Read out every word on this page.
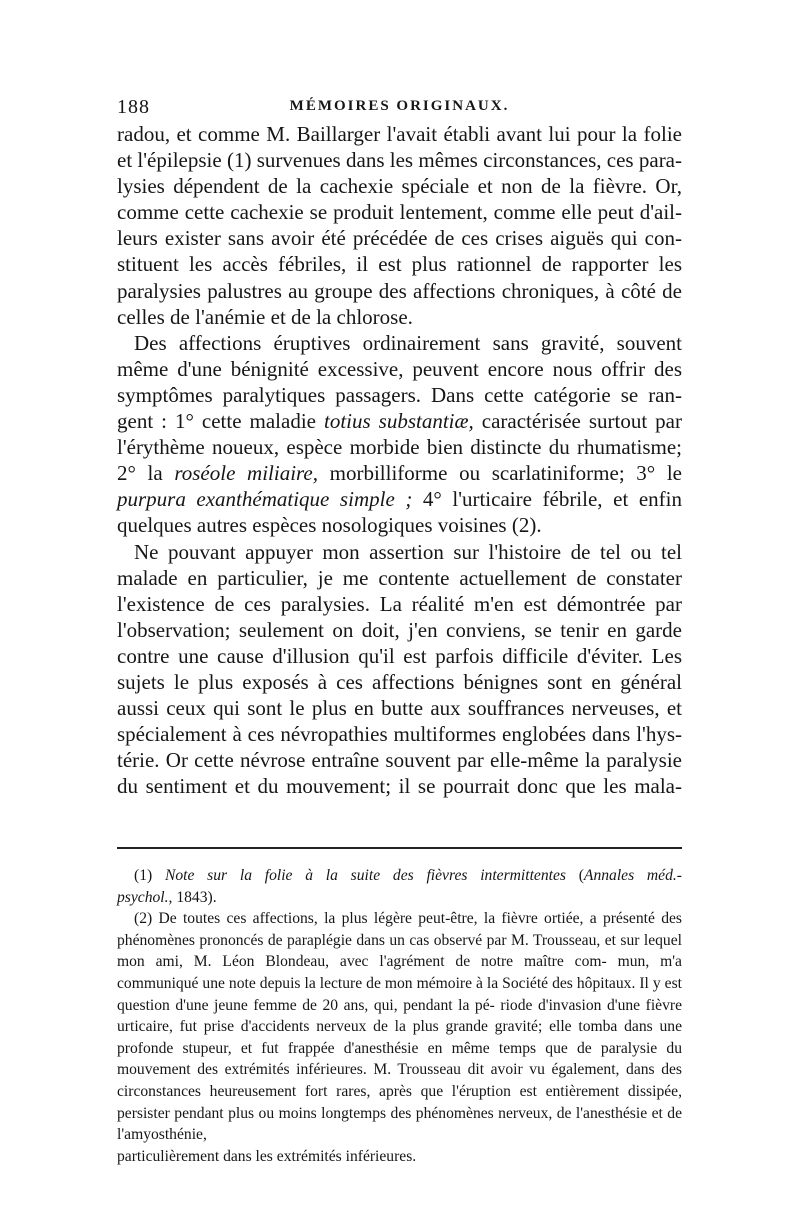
188	MÉMOIRES ORIGINAUX.

radou, et comme M. Baillarger l'avait établi avant lui pour la folie et l'épilepsie (1) survenues dans les mêmes circonstances, ces para- lysies dépendent de la cachexie spéciale et non de la fièvre. Or, comme cette cachexie se produit lentement, comme elle peut d'ail- leurs exister sans avoir été précédée de ces crises aiguës qui con- stituent les accès fébriles, il est plus rationnel de rapporter les paralysies palustres au groupe des affections chroniques, à côté de

celles de l'anémie et de la chlorose.

Des affections éruptives ordinairement sans gravité, souvent même d'une bénignité excessive, peuvent encore nous offrir des symptômes paralytiques passagers. Dans cette catégorie se ran- gent : 1° cette maladie totius substantiæ, caractérisée surtout par l'érythème noueux, espèce morbide bien distincte du rhumatisme; 2° la roséole miliaire, morbilliforme ou scarlatiniforme; 3° le purpura exanthématique simple ; 4° l'urticaire fébrile, et enfin

quelques autres espèces nosologiques voisines (2).

Ne pouvant appuyer mon assertion sur l'histoire de tel ou tel malade en particulier, je me contente actuellement de constater l'existence de ces paralysies. La réalité m'en est démontrée par l'observation; seulement on doit, j'en conviens, se tenir en garde contre une cause d'illusion qu'il est parfois difficile d'éviter. Les sujets le plus exposés à ces affections bénignes sont en général aussi ceux qui sont le plus en butte aux souffrances nerveuses, et spécialement à ces névropathies multiformes englobées dans l'hys- térie. Or cette névrose entraîne souvent par elle-même la paralysie du sentiment et du mouvement; il se pourrait donc que les mala-

(1) Note sur la folie à la suite des fièvres intermittentes (Annales méd.-

psychol., 1843).

(2) De toutes ces affections, la plus légère peut-être, la fièvre ortiée, a présenté des phénomènes prononcés de paraplégie dans un cas observé par M. Trousseau, et sur lequel mon ami, M. Léon Blondeau, avec l'agrément de notre maître com- mun, m'a communiqué une note depuis la lecture de mon mémoire à la Société des hôpitaux. Il y est question d'une jeune femme de 20 ans, qui, pendant la pé- riode d'invasion d'une fièvre urticaire, fut prise d'accidents nerveux de la plus grande gravité; elle tomba dans une profonde stupeur, et fut frappée d'anesthésie en même temps que de paralysie du mouvement des extrémités inférieures. M. Trousseau dit avoir vu également, dans des circonstances heureusement fort rares, après que l'éruption est entièrement dissipée, persister pendant plus ou moins longtemps des phénomènes nerveux, de l'anesthésie et de l'amyosthénie,

particulièrement dans les extrémités inférieures.
